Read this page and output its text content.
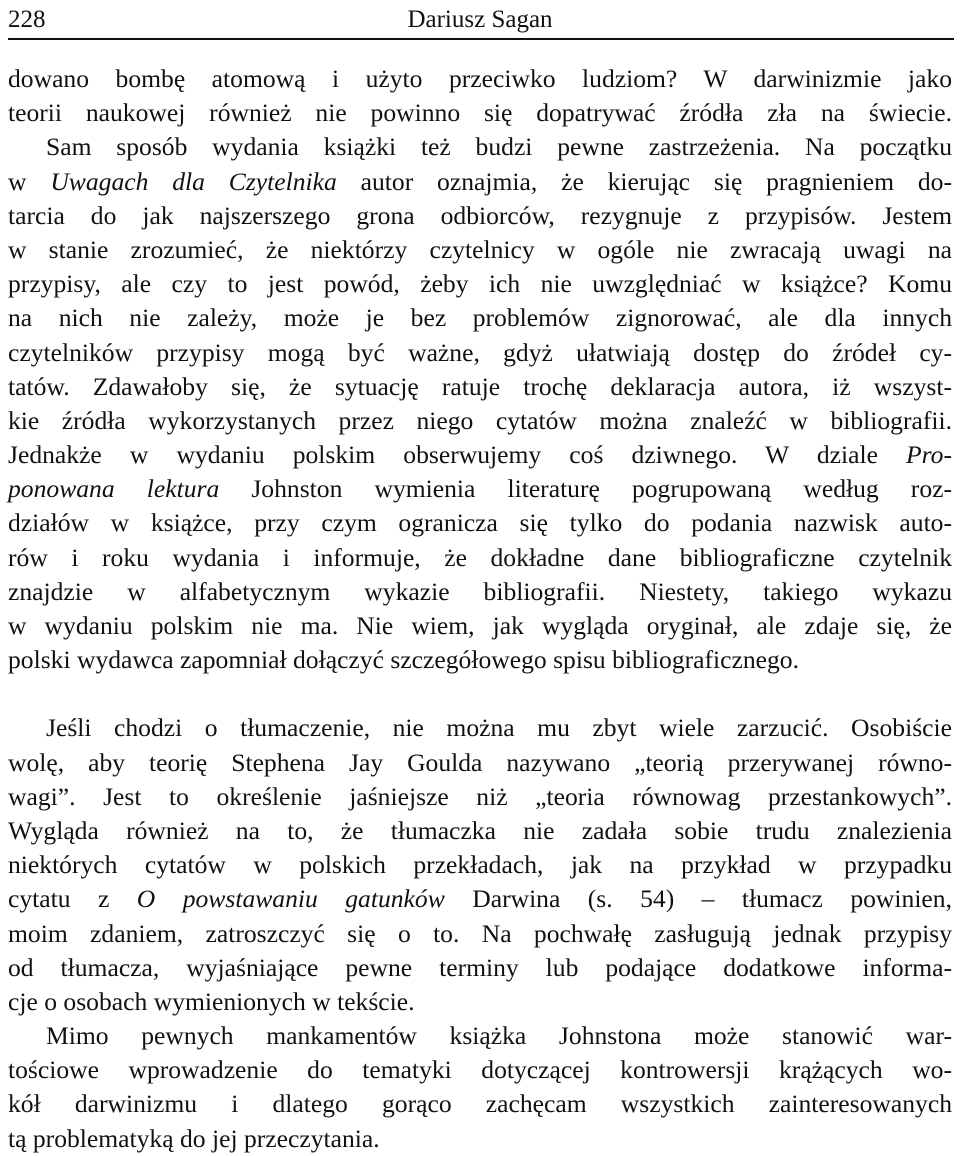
228	Dariusz Sagan
dowano bombę atomową i użyto przeciwko ludziom? W darwinizmie jako
teorii naukowej również nie powinno się dopatrywać źródła zła na świecie.
Sam sposób wydania książki też budzi pewne zastrzeżenia. Na początku
w Uwagach dla Czytelnika autor oznajmia, że kierując się pragnieniem do-
tarcia do jak najszerszego grona odbiorców, rezygnuje z przypisów. Jestem
w stanie zrozumieć, że niektórzy czytelnicy w ogóle nie zwracają uwagi na
przypisy, ale czy to jest powód, żeby ich nie uwzględniać w książce? Komu
na nich nie zależy, może je bez problemów zignorować, ale dla innych
czytelników przypisy mogą być ważne, gdyż ułatwiają dostęp do źródeł cy-
tatów. Zdawałoby się, że sytuację ratuje trochę deklaracja autora, iż wszyst-
kie źródła wykorzystanych przez niego cytatów można znaleźć w bibliografii.
Jednakże w wydaniu polskim obserwujemy coś dziwnego. W dziale Pro-
ponowana lektura Johnston wymienia literaturę pogrupowaną według roz-
działów w książce, przy czym ogranicza się tylko do podania nazwisk auto-
rów i roku wydania i informuje, że dokładne dane bibliograficzne czytelnik
znajdzie w alfabetycznym wykazie bibliografii. Niestety, takiego wykazu
w wydaniu polskim nie ma. Nie wiem, jak wygląda oryginał, ale zdaje się, że
polski wydawca zapomniał dołączyć szczegółowego spisu bibliograficznego.
Jeśli chodzi o tłumaczenie, nie można mu zbyt wiele zarzucić. Osobiście
wolę, aby teorię Stephena Jay Goulda nazywano „teorią przerywanej równo-
wagi”. Jest to określenie jaśniejsze niż „teoria równowag przestankowych”.
Wygląda również na to, że tłumaczka nie zadała sobie trudu znalezienia
niektórych cytatów w polskich przekładach, jak na przykład w przypadku
cytatu z O powstawaniu gatunków Darwina (s. 54) – tłumacz powinien,
moim zdaniem, zatroszczyć się o to. Na pochwałę zasługują jednak przypisy
od tłumacza, wyjaśniające pewne terminy lub podające dodatkowe informa-
cje o osobach wymienionych w tekście.
Mimo pewnych mankamentów książka Johnstona może stanowić war-
tościowe wprowadzenie do tematyki dotyczącej kontrowersji krążących wo-
kół darwinizmu i dlatego gorąco zachęcam wszystkich zainteresowanych
tą problematyką do jej przeczytania.
